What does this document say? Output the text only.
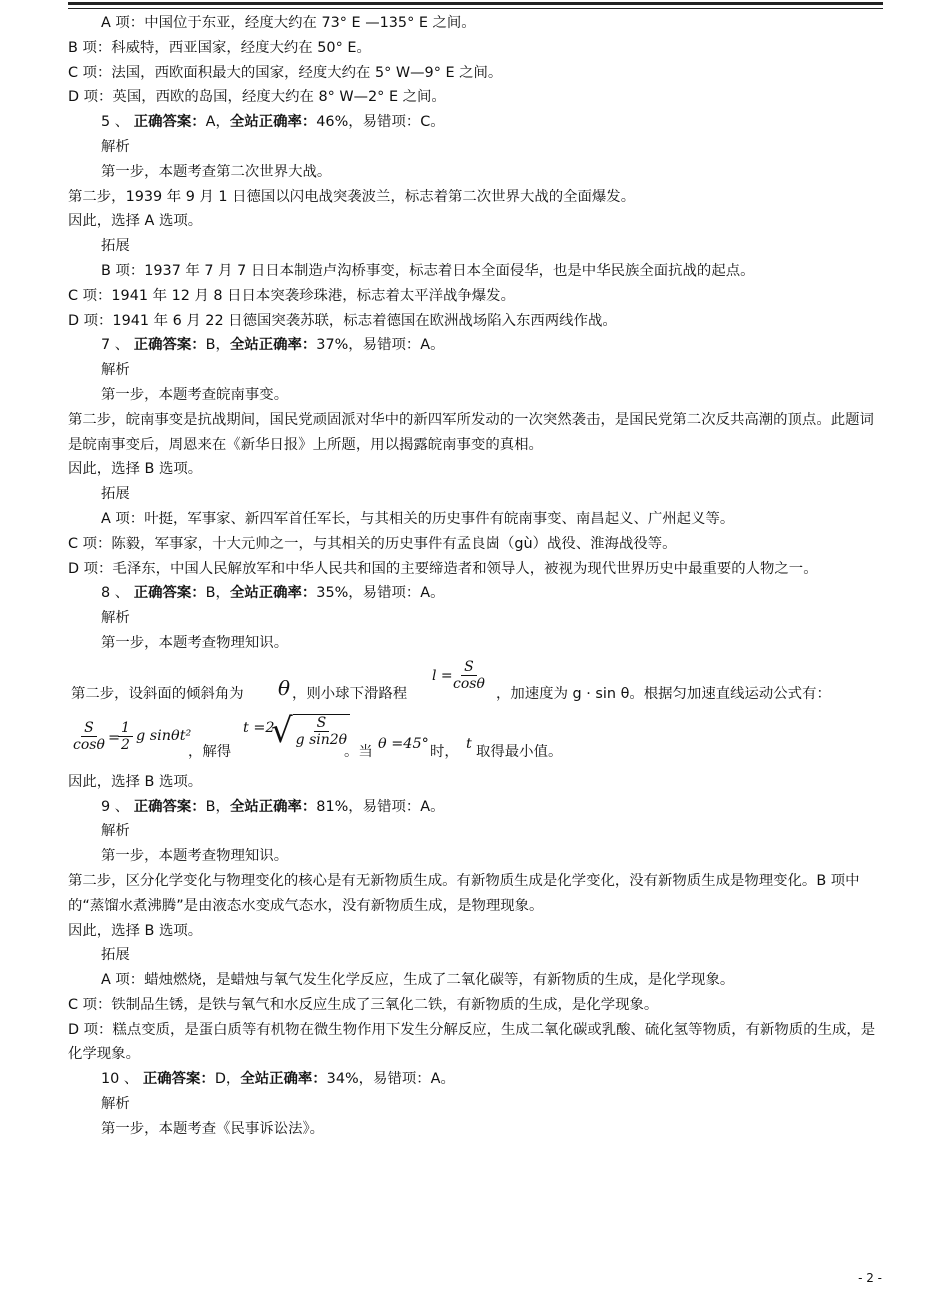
A 项：中国位于东亚，经度大约在 73° E —135° E 之间。
B 项：科威特，西亚国家，经度大约在 50° E。
C 项：法国，西欧面积最大的国家，经度大约在 5° W—9° E 之间。
D 项：英国，西欧的岛国，经度大约在 8° W—2° E 之间。
5 、 正确答案：A，全站正确率：46%，易错项：C。
解析
第一步，本题考查第二次世界大战。
第二步，1939 年 9 月 1 日德国以闪电战突袭波兰，标志着第二次世界大战的全面爆发。
因此，选择 A 选项。
拓展
B 项：1937 年 7 月 7 日日本制造卢沟桥事变，标志着日本全面侵华，也是中华民族全面抗战的起点。
C 项：1941 年 12 月 8 日日本突袭珍珠港，标志着太平洋战争爆发。
D 项：1941 年 6 月 22 日德国突袭苏联，标志着德国在欧洲战场陷入东西两线作战。
7 、 正确答案：B，全站正确率：37%，易错项：A。
解析
第一步，本题考查皖南事变。
第二步，皖南事变是抗战期间，国民党顽固派对华中的新四军所发动的一次突然袭击，是国民党第二次反共高潮的顶点。此题词是皖南事变后，周恩来在《新华日报》上所题，用以揭露皖南事变的真相。
因此，选择 B 选项。
拓展
A 项：叶挺，军事家、新四军首任军长，与其相关的历史事件有皖南事变、南昌起义、广州起义等。
C 项：陈毅，军事家，十大元帅之一，与其相关的历史事件有孟良崮（gù）战役、淮海战役等。
D 项：毛泽东，中国人民解放军和中华人民共和国的主要缔造者和领导人，被视为现代世界历史中最重要的人物之一。
8 、 正确答案：B，全站正确率：35%，易错项：A。
解析
第一步，本题考查物理知识。
第二步，设斜面的倾斜角为 θ ，则小球下滑路程
l =
$\frac{S}{\cos\theta}$
，加速度为 g · sin θ。根据匀加速直线运动公式有：
$\frac{S}{\cos\theta}$ =
$\frac{1}{2}$ g sinθt²
，解得
t =2
√ $\frac{S}{\text{g sin2θ}}$
。当 θ =45° 时， t 取得最小值。
因此，选择 B 选项。
9 、 正确答案：B，全站正确率：81%，易错项：A。
解析
第一步，本题考查物理知识。
第二步，区分化学变化与物理变化的核心是有无新物质生成。有新物质生成是化学变化，没有新物质生成是物理变化。B 项中的“蒸馏水煮沸腾”是由液态水变成气态水，没有新物质生成，是物理现象。
因此，选择 B 选项。
拓展
A 项：蜡烛燃烧，是蜡烛与氧气发生化学反应，生成了二氧化碳等，有新物质的生成，是化学现象。
C 项：铁制品生锈，是铁与氧气和水反应生成了三氧化二铁，有新物质的生成，是化学现象。
D 项：糕点变质，是蛋白质等有机物在微生物作用下发生分解反应，生成二氧化碳或乳酸、硫化氢等物质，有新物质的生成，是化学现象。
10 、 正确答案：D，全站正确率：34%，易错项：A。
解析
第一步，本题考查《民事诉讼法》。
- 2 -
